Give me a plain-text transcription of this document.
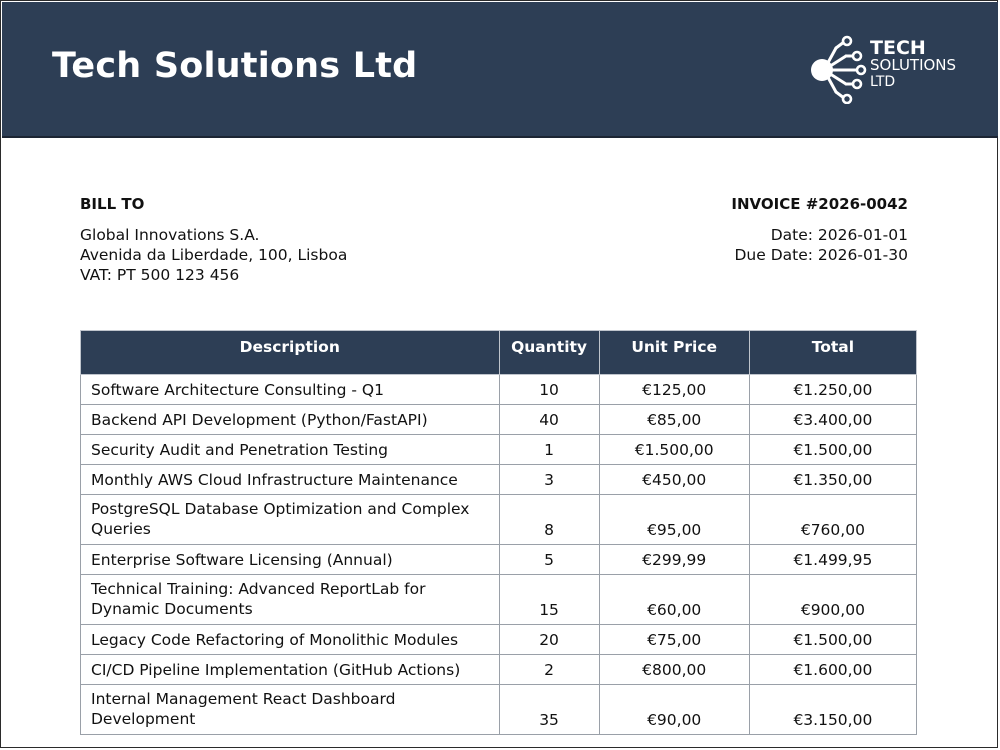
Tech Solutions Ltd	TECH
SOLUTIONS
LTD
BILL TO
Global Innovations S.A.
Avenida da Liberdade, 100, Lisboa
VAT: PT 500 123 456
INVOICE #2026-0042
Date: 2026-01-01
Due Date: 2026-01-30
Description	Quantity	Unit Price	Total
Software Architecture Consulting - Q1	10	€125,00	€1.250,00
Backend API Development (Python/FastAPI)	40	€85,00	€3.400,00
Security Audit and Penetration Testing	1	€1.500,00	€1.500,00
Monthly AWS Cloud Infrastructure Maintenance	3	€450,00	€1.350,00
PostgreSQL Database Optimization and Complex Queries	8	€95,00	€760,00
Enterprise Software Licensing (Annual)	5	€299,99	€1.499,95
Technical Training: Advanced ReportLab for Dynamic Documents	15	€60,00	€900,00
Legacy Code Refactoring of Monolithic Modules	20	€75,00	€1.500,00
CI/CD Pipeline Implementation (GitHub Actions)	2	€800,00	€1.600,00
Internal Management React Dashboard Development	35	€90,00	€3.150,00
